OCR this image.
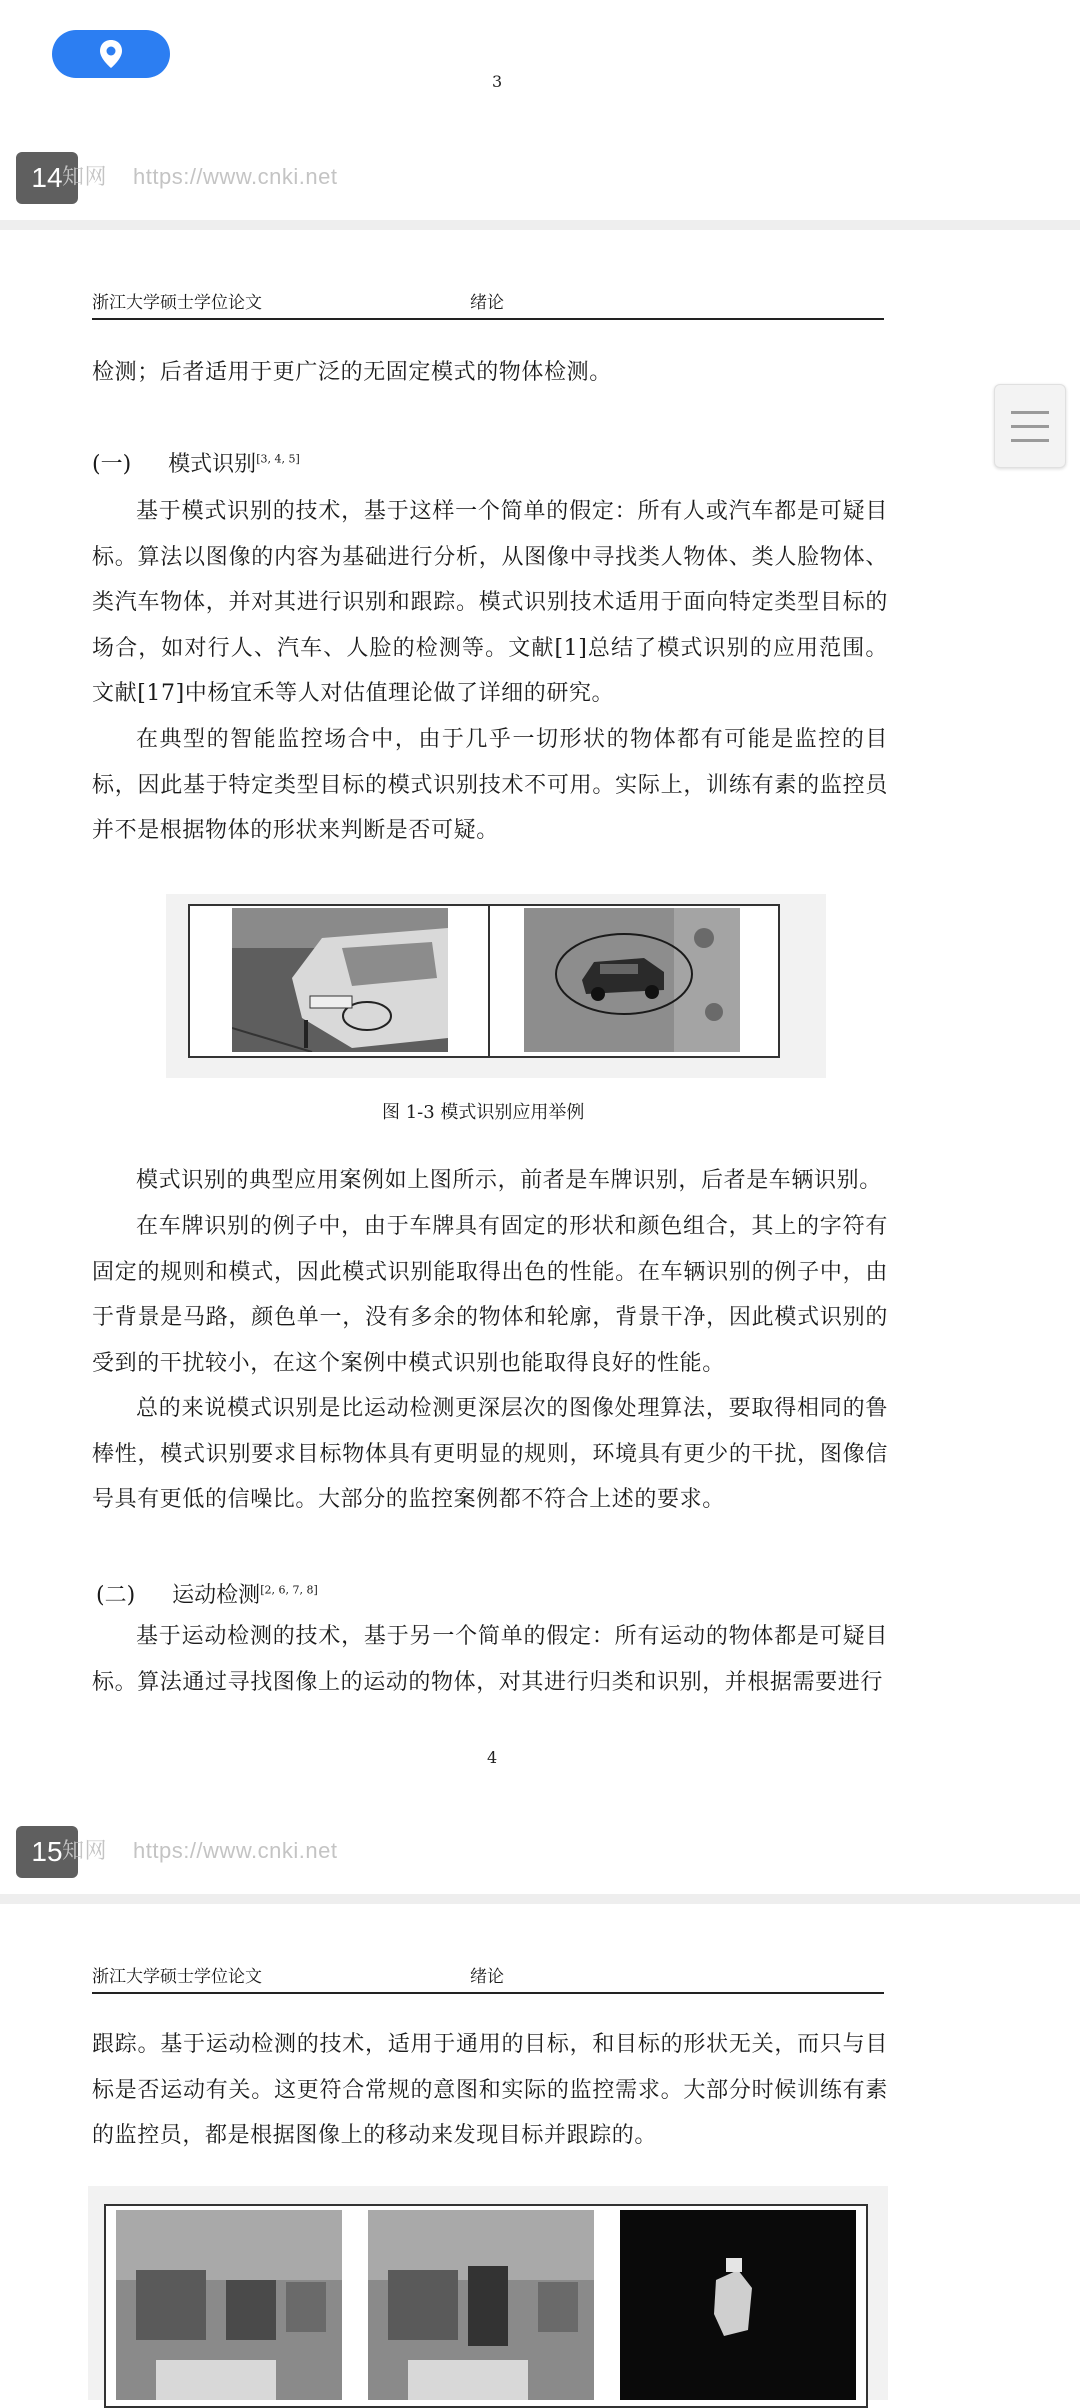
3
14 知网 https://www.cnki.net
浙江大学硕士学位论文	绪论
检测；后者适用于更广泛的无固定模式的物体检测。
(一) 模式识别[3, 4, 5]
基于模式识别的技术，基于这样一个简单的假定：所有人或汽车都是可疑目标。算法以图像的内容为基础进行分析，从图像中寻找类人物体、类人脸物体、类汽车物体，并对其进行识别和跟踪。模式识别技术适用于面向特定类型目标的场合，如对行人、汽车、人脸的检测等。文献[1]总结了模式识别的应用范围。文献[17]中杨宜禾等人对估值理论做了详细的研究。
在典型的智能监控场合中，由于几乎一切形状的物体都有可能是监控的目标，因此基于特定类型目标的模式识别技术不可用。实际上，训练有素的监控员并不是根据物体的形状来判断是否可疑。
图 1-3 模式识别应用举例
模式识别的典型应用案例如上图所示，前者是车牌识别，后者是车辆识别。
在车牌识别的例子中，由于车牌具有固定的形状和颜色组合，其上的字符有固定的规则和模式，因此模式识别能取得出色的性能。在车辆识别的例子中，由于背景是马路，颜色单一，没有多余的物体和轮廓，背景干净，因此模式识别的受到的干扰较小，在这个案例中模式识别也能取得良好的性能。
总的来说模式识别是比运动检测更深层次的图像处理算法，要取得相同的鲁棒性，模式识别要求目标物体具有更明显的规则，环境具有更少的干扰，图像信号具有更低的信噪比。大部分的监控案例都不符合上述的要求。
(二) 运动检测[2, 6, 7, 8]
基于运动检测的技术，基于另一个简单的假定：所有运动的物体都是可疑目标。算法通过寻找图像上的运动的物体，对其进行归类和识别，并根据需要进行
4
15 知网 https://www.cnki.net
浙江大学硕士学位论文	绪论
跟踪。基于运动检测的技术，适用于通用的目标，和目标的形状无关，而只与目标是否运动有关。这更符合常规的意图和实际的监控需求。大部分时候训练有素的监控员，都是根据图像上的移动来发现目标并跟踪的。
